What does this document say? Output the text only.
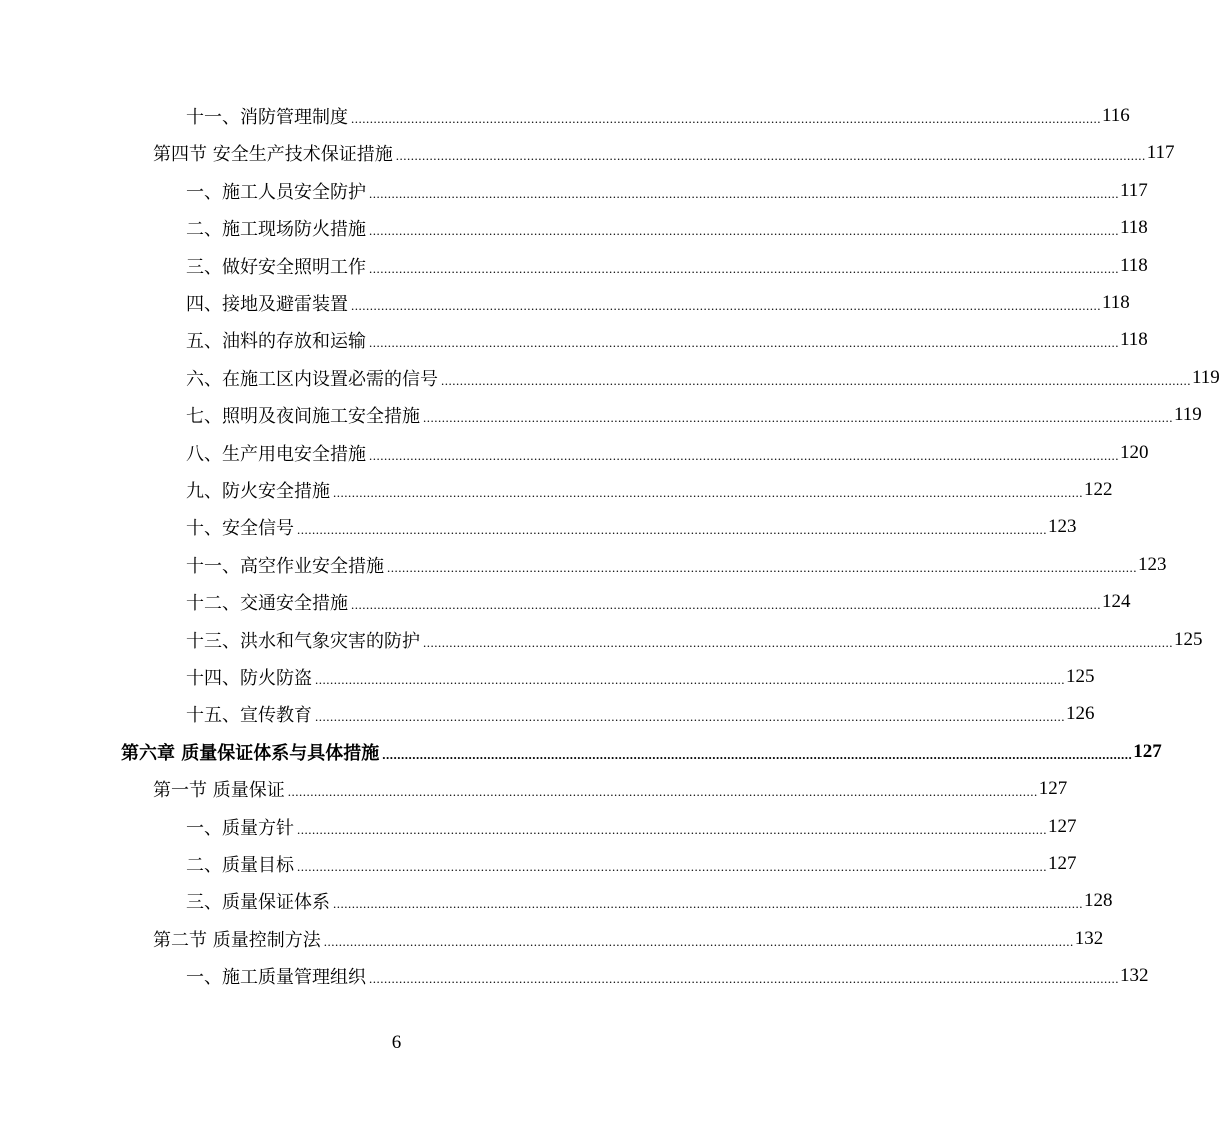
十一、消防管理制度 ........................................................................................................................................................................................................ 116
第四节 安全生产技术保证措施 ........................................................................................................................................................................................................ 117
一、施工人员安全防护 ........................................................................................................................................................................................................ 117
二、施工现场防火措施 ........................................................................................................................................................................................................ 118
三、做好安全照明工作 ........................................................................................................................................................................................................ 118
四、接地及避雷装置 ........................................................................................................................................................................................................ 118
五、油料的存放和运输 ........................................................................................................................................................................................................ 118
六、在施工区内设置必需的信号 ........................................................................................................................................................................................................ 119
七、照明及夜间施工安全措施 ........................................................................................................................................................................................................ 119
八、生产用电安全措施 ........................................................................................................................................................................................................ 120
九、防火安全措施 ........................................................................................................................................................................................................ 122
十、安全信号 ........................................................................................................................................................................................................ 123
十一、高空作业安全措施 ........................................................................................................................................................................................................ 123
十二、交通安全措施 ........................................................................................................................................................................................................ 124
十三、洪水和气象灾害的防护 ........................................................................................................................................................................................................ 125
十四、防火防盗 ........................................................................................................................................................................................................ 125
十五、宣传教育 ........................................................................................................................................................................................................ 126
第六章 质量保证体系与具体措施 ........................................................................................................................................................................................................ 127
第一节 质量保证 ........................................................................................................................................................................................................ 127
一、质量方针 ........................................................................................................................................................................................................ 127
二、质量目标 ........................................................................................................................................................................................................ 127
三、质量保证体系 ........................................................................................................................................................................................................ 128
第二节 质量控制方法 ........................................................................................................................................................................................................ 132
一、施工质量管理组织 ........................................................................................................................................................................................................ 132
6
